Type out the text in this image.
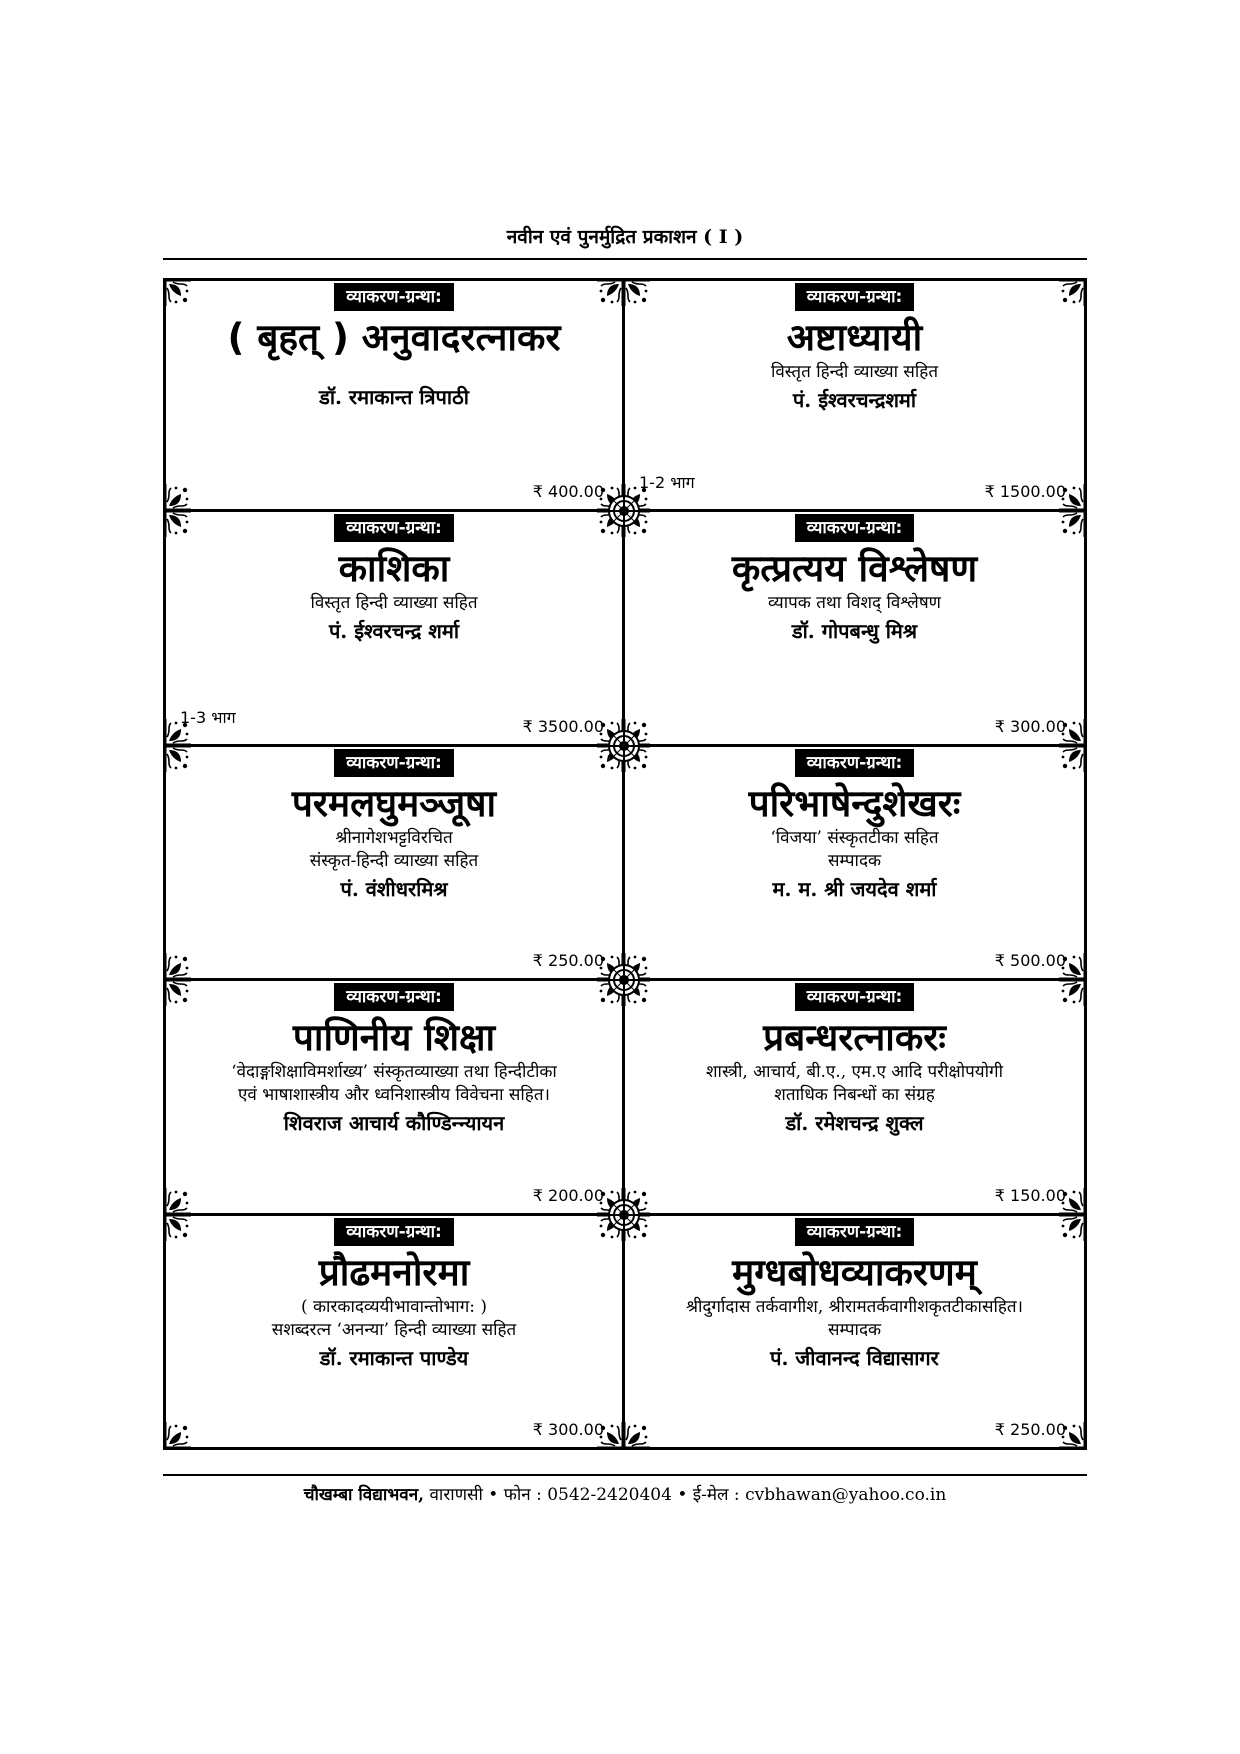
नवीन एवं पुनर्मुद्रित प्रकाशन ( I )
व्याकरण-ग्रन्था:
( बृहत् ) अनुवादरत्नाकर
डॉ. रमाकान्त त्रिपाठी
₹ 400.00
व्याकरण-ग्रन्था:
अष्टाध्यायी
विस्तृत हिन्दी व्याख्या सहित
पं. ईश्वरचन्द्रशर्मा
1-2 भाग	₹ 1500.00
व्याकरण-ग्रन्था:
काशिका
विस्तृत हिन्दी व्याख्या सहित
पं. ईश्वरचन्द्र शर्मा
1-3 भाग	₹ 3500.00
व्याकरण-ग्रन्था:
कृत्प्रत्यय विश्लेषण
व्यापक तथा विशद् विश्लेषण
डॉ. गोपबन्धु मिश्र
₹ 300.00
व्याकरण-ग्रन्था:
परमलघुमञ्जूषा
श्रीनागेशभट्टविरचित
संस्कृत-हिन्दी व्याख्या सहित
पं. वंशीधरमिश्र
₹ 250.00
व्याकरण-ग्रन्था:
परिभाषेन्दुशेखरः
‘विजया’ संस्कृतटीका सहित
सम्पादक
म. म. श्री जयदेव शर्मा
₹ 500.00
व्याकरण-ग्रन्था:
पाणिनीय शिक्षा
‘वेदाङ्गशिक्षाविमर्शाख्य’ संस्कृतव्याख्या तथा हिन्दीटीका
एवं भाषाशास्त्रीय और ध्वनिशास्त्रीय विवेचना सहित।
शिवराज आचार्य कौण्डिन्न्यायन
₹ 200.00
व्याकरण-ग्रन्था:
प्रबन्धरत्नाकरः
शास्त्री, आचार्य, बी.ए., एम.ए आदि परीक्षोपयोगी
शताधिक निबन्धों का संग्रह
डॉ. रमेशचन्द्र शुक्ल
₹ 150.00
व्याकरण-ग्रन्था:
प्रौढमनोरमा
( कारकादव्ययीभावान्तोभाग: )
सशब्दरत्न ‘अनन्या’ हिन्दी व्याख्या सहित
डॉ. रमाकान्त पाण्डेय
₹ 300.00
व्याकरण-ग्रन्था:
मुग्धबोधव्याकरणम्
श्रीदुर्गादास तर्कवागीश, श्रीरामतर्कवागीशकृतटीकासहित।
सम्पादक
पं. जीवानन्द विद्यासागर
₹ 250.00
चौखम्बा विद्याभवन, वाराणसी • फोन : 0542-2420404 • ई-मेल : cvbhawan@yahoo.co.in
